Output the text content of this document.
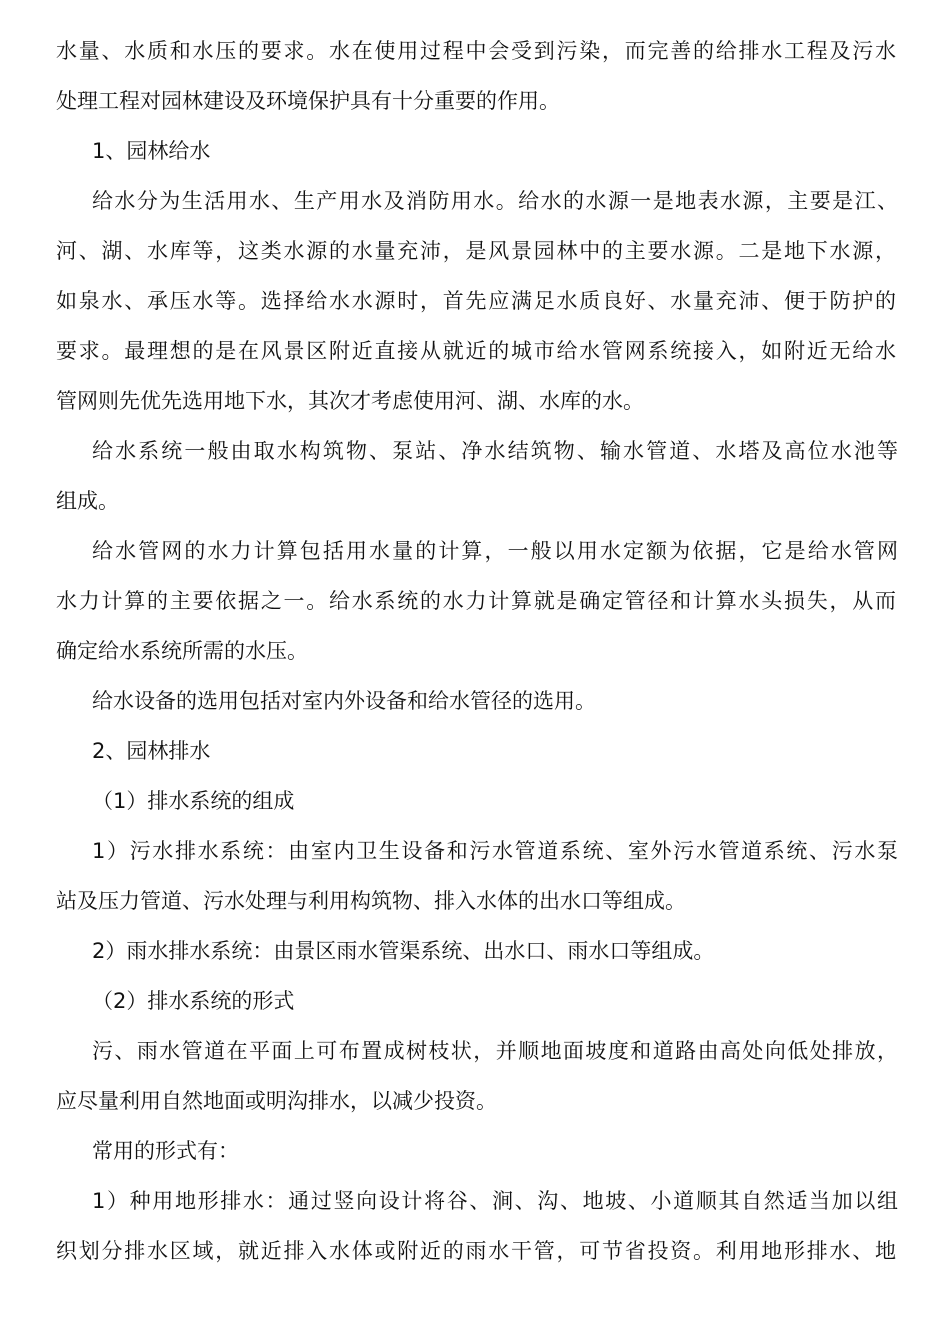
水量、水质和水压的要求。水在使用过程中会受到污染，而完善的给排水工程及污水
处理工程对园林建设及环境保护具有十分重要的作用。
1、园林给水
给水分为生活用水、生产用水及消防用水。给水的水源一是地表水源，主要是江、
河、湖、水库等，这类水源的水量充沛，是风景园林中的主要水源。二是地下水源，
如泉水、承压水等。选择给水水源时，首先应满足水质良好、水量充沛、便于防护的
要求。最理想的是在风景区附近直接从就近的城市给水管网系统接入，如附近无给水
管网则先优先选用地下水，其次才考虑使用河、湖、水库的水。
给水系统一般由取水构筑物、泵站、净水结筑物、输水管道、水塔及高位水池等
组成。
给水管网的水力计算包括用水量的计算，一般以用水定额为依据，它是给水管网
水力计算的主要依据之一。给水系统的水力计算就是确定管径和计算水头损失，从而
确定给水系统所需的水压。
给水设备的选用包括对室内外设备和给水管径的选用。
2、园林排水
（1）排水系统的组成
1）污水排水系统：由室内卫生设备和污水管道系统、室外污水管道系统、污水泵
站及压力管道、污水处理与利用构筑物、排入水体的出水口等组成。
2）雨水排水系统：由景区雨水管渠系统、出水口、雨水口等组成。
（2）排水系统的形式
污、雨水管道在平面上可布置成树枝状，并顺地面坡度和道路由高处向低处排放，
应尽量利用自然地面或明沟排水，以减少投资。
常用的形式有：
1）种用地形排水：通过竖向设计将谷、涧、沟、地坡、小道顺其自然适当加以组
织划分排水区域，就近排入水体或附近的雨水干管，可节省投资。利用地形排水、地
